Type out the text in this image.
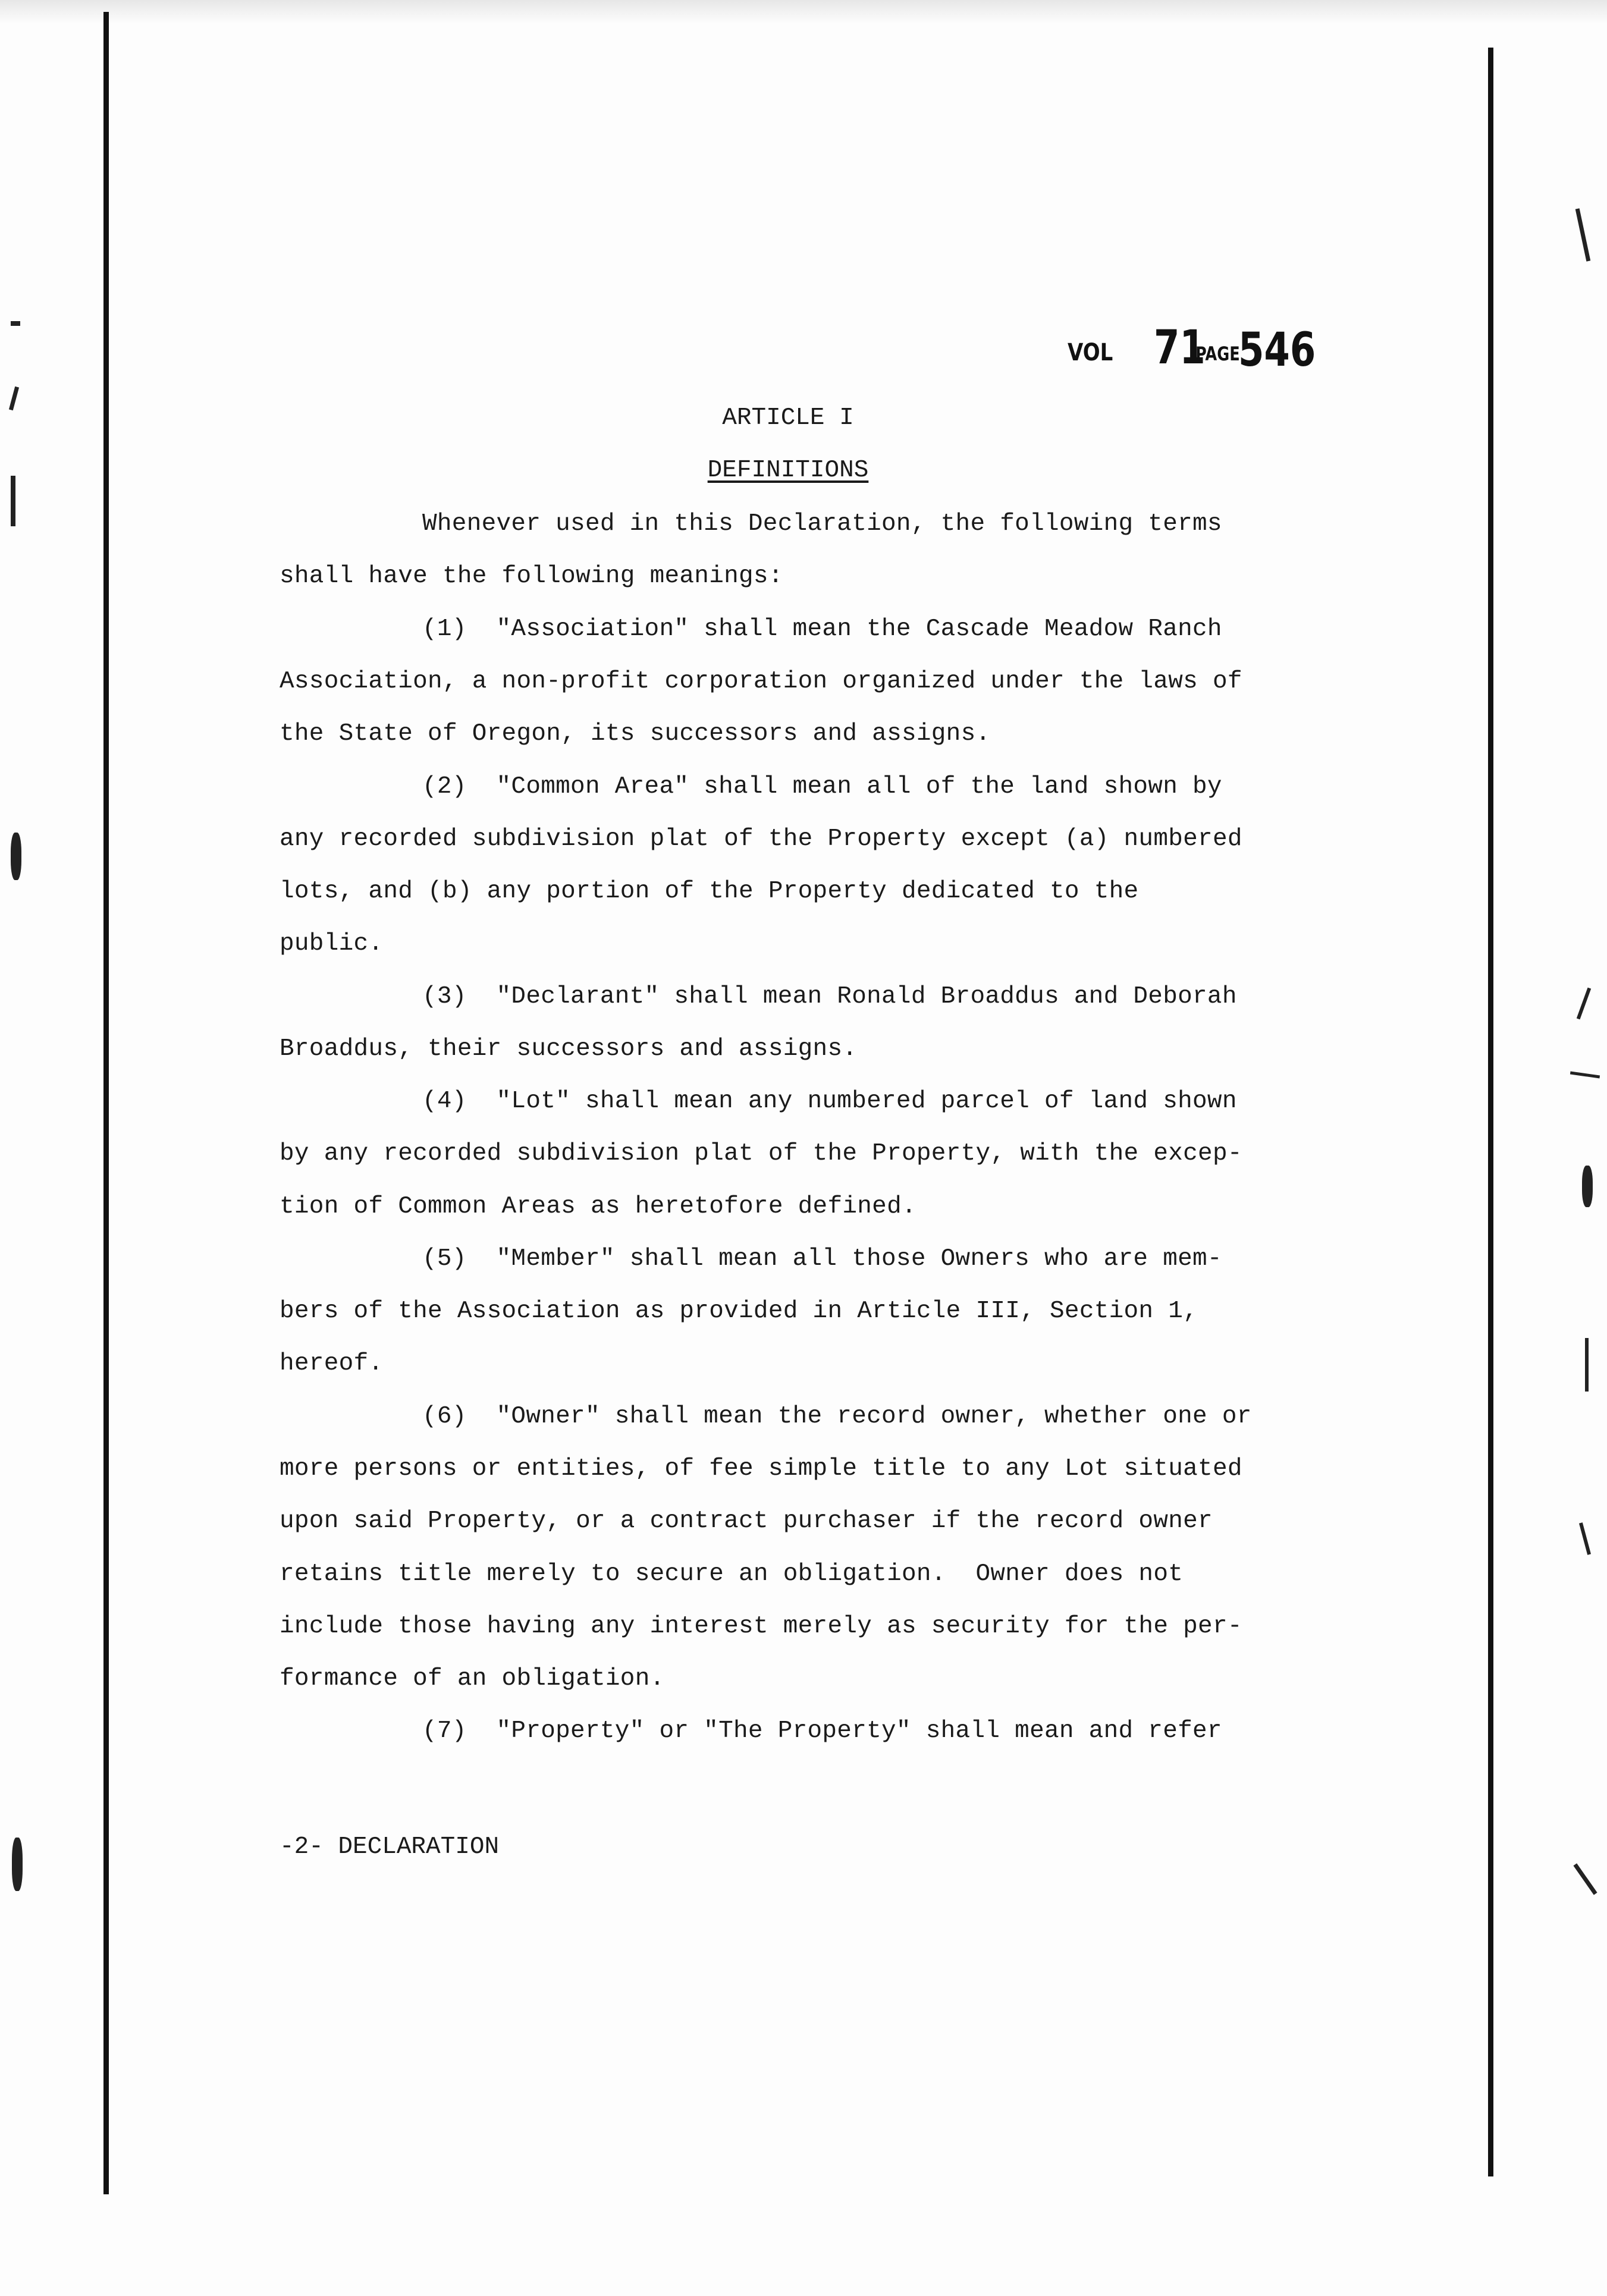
VOL 71
PAGE
546
ARTICLE I
DEFINITIONS
Whenever used in this Declaration, the following terms
shall have the following meanings:
(1)  "Association" shall mean the Cascade Meadow Ranch
Association, a non-profit corporation organized under the laws of
the State of Oregon, its successors and assigns.
(2)  "Common Area" shall mean all of the land shown by
any recorded subdivision plat of the Property except (a) numbered
lots, and (b) any portion of the Property dedicated to the
public.
(3)  "Declarant" shall mean Ronald Broaddus and Deborah
Broaddus, their successors and assigns.
(4)  "Lot" shall mean any numbered parcel of land shown
by any recorded subdivision plat of the Property, with the excep-
tion of Common Areas as heretofore defined.
(5)  "Member" shall mean all those Owners who are mem-
bers of the Association as provided in Article III, Section 1,
hereof.
(6)  "Owner" shall mean the record owner, whether one or
more persons or entities, of fee simple title to any Lot situated
upon said Property, or a contract purchaser if the record owner
retains title merely to secure an obligation.  Owner does not
include those having any interest merely as security for the per-
formance of an obligation.
(7)  "Property" or "The Property" shall mean and refer
-2- DECLARATION
